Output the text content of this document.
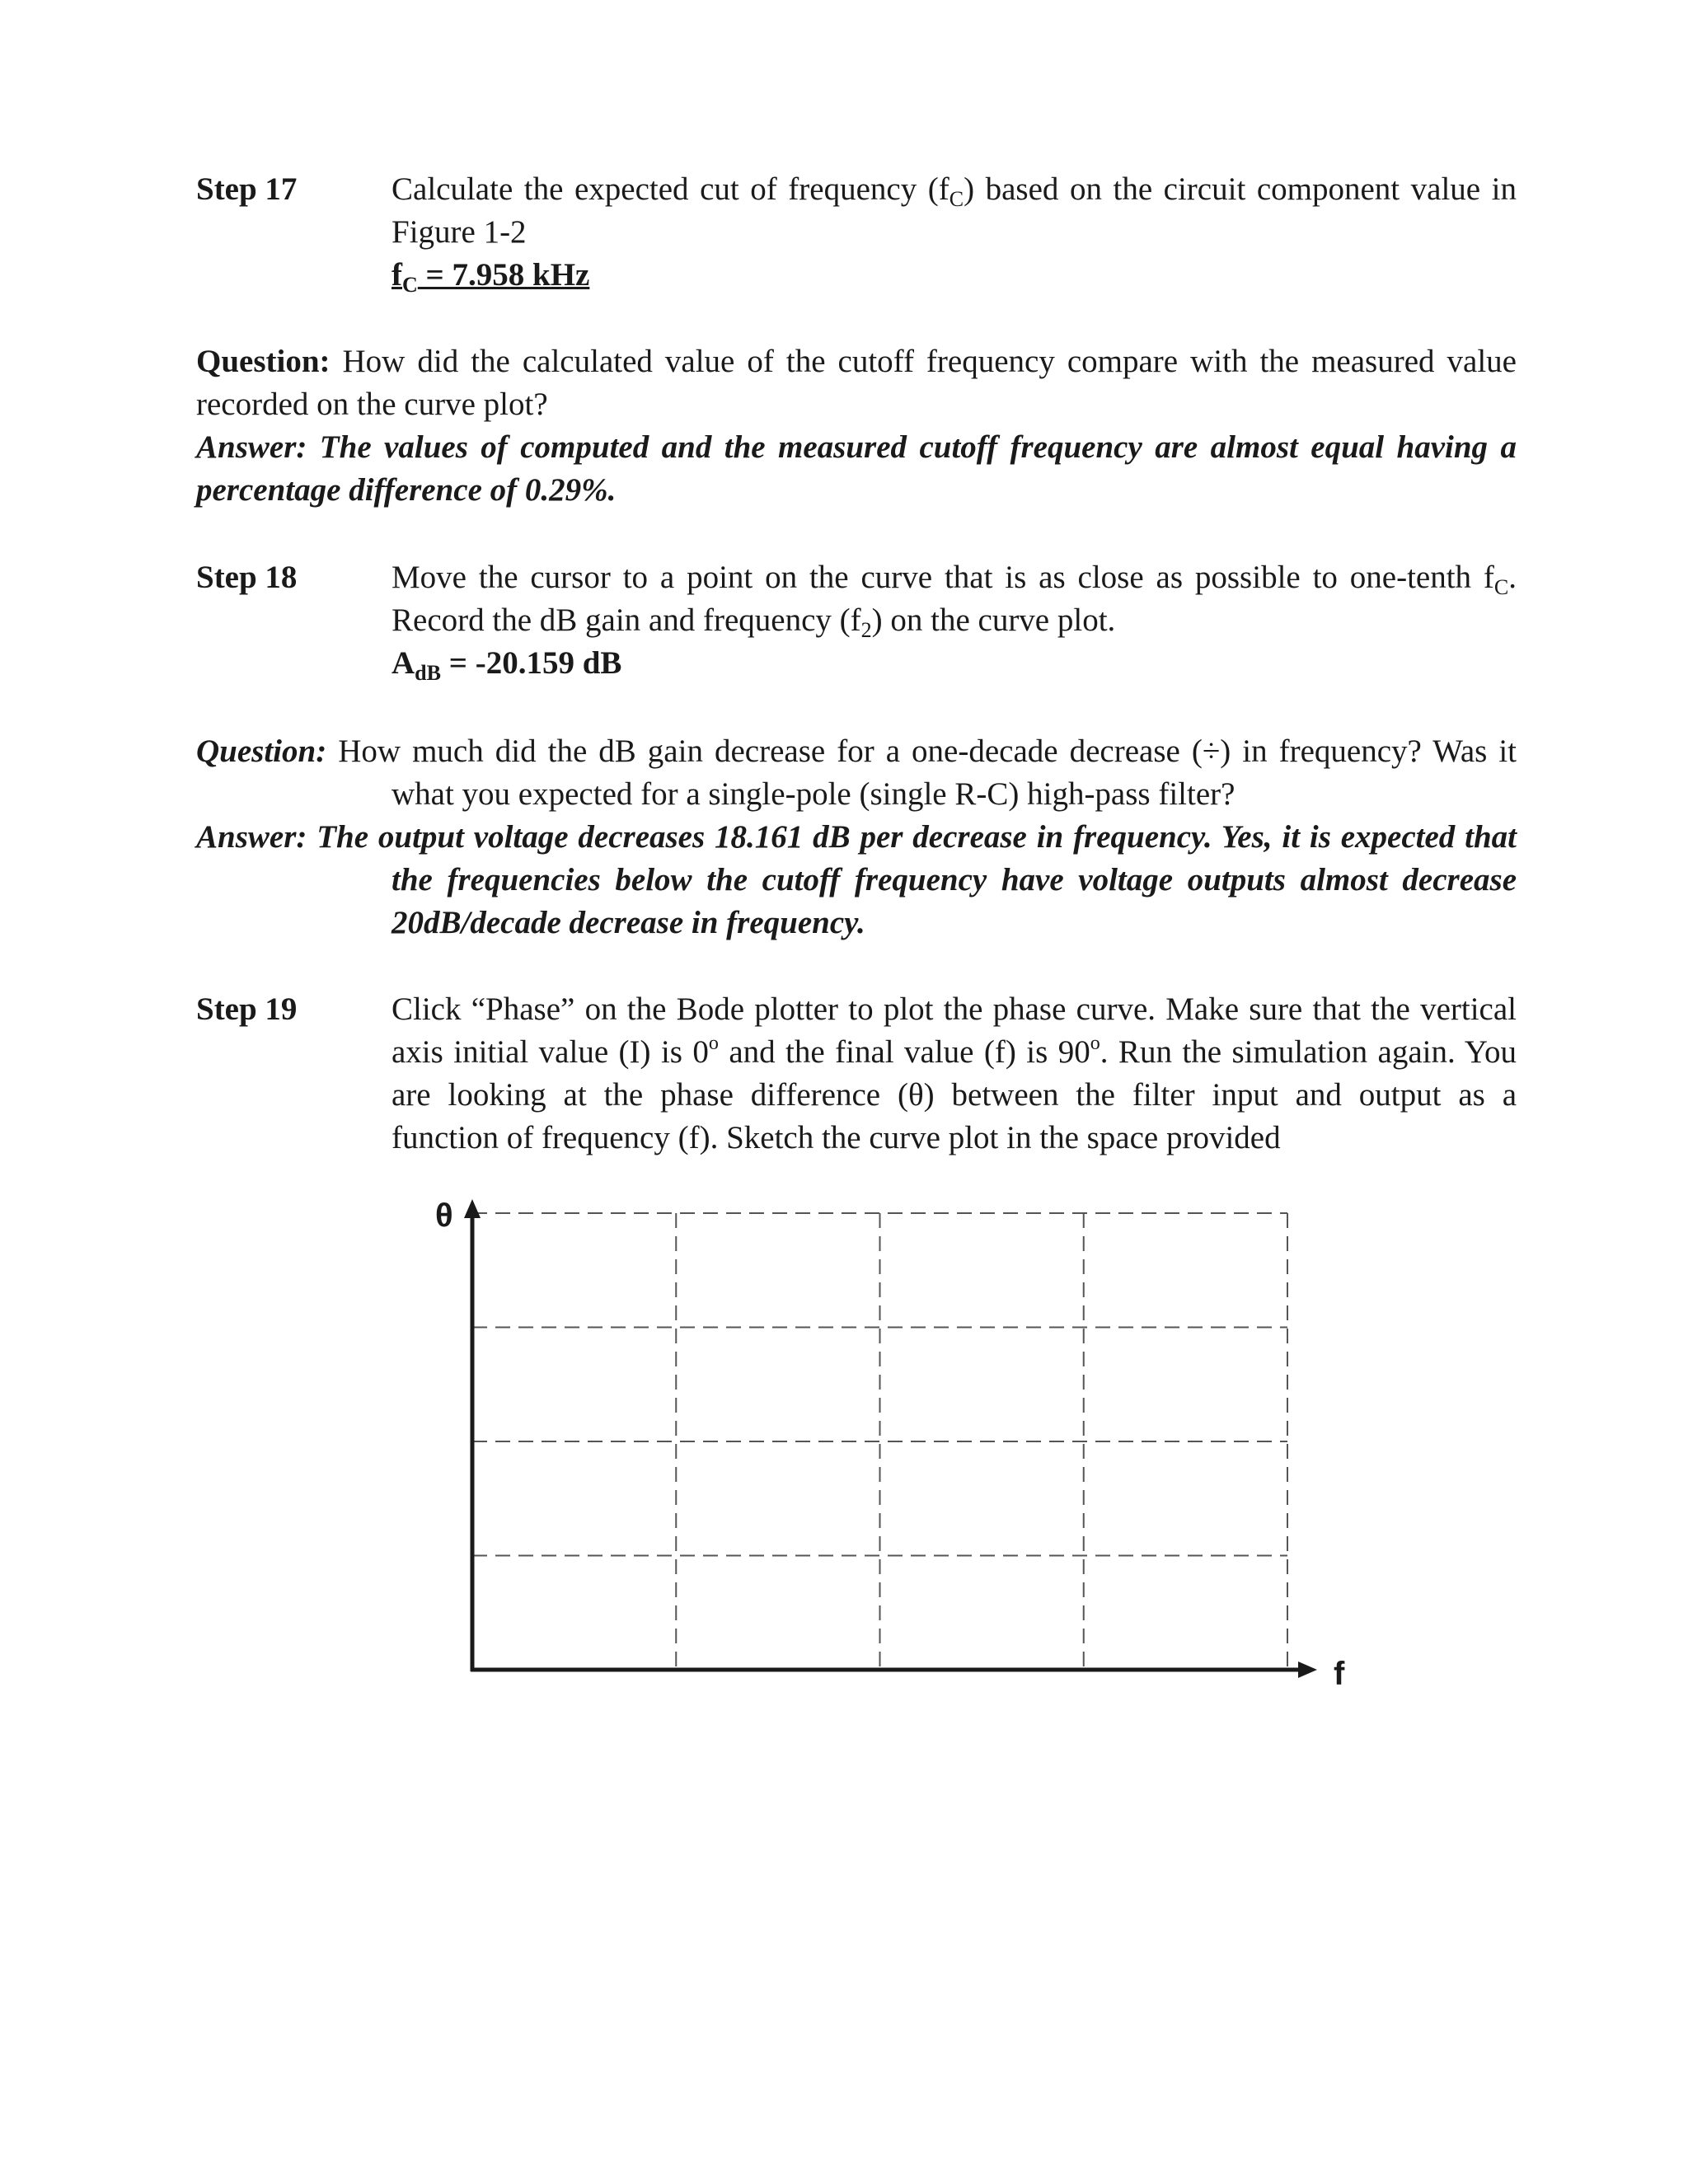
Step 17	Calculate the expected cut of frequency $(f_C)$ based on the circuit component value in
Figure 1-2
$f_C = 7.958$ kHz
Question: How did the calculated value of the cutoff frequency compare with the measured value
recorded on the curve plot?
Answer: The values of computed and the measured cutoff frequency are almost equal having a
percentage difference of 0.29%.
Step 18	Move the cursor to a point on the curve that is as close as possible to one-tenth $f_C$.
Record the dB gain and frequency $(f_2)$ on the curve plot.
$A_{dB} = -20.159$ dB
Question: How much did the dB gain decrease for a one-decade decrease (÷) in frequency? Was it
what you expected for a single-pole (single R-C) high-pass filter?
Answer: The output voltage decreases 18.161 dB per decrease in frequency. Yes, it is expected that
the frequencies below the cutoff frequency have voltage outputs almost decrease
20dB/decade decrease in frequency.
Step 19	Click “Phase” on the Bode plotter to plot the phase curve. Make sure that the vertical
axis initial value (I) is 0$^o$ and the final value (f) is 90$^o$. Run the simulation again. You
are looking at the phase difference (θ) between the filter input and output as a
function of frequency (f). Sketch the curve plot in the space provided
θ
f
